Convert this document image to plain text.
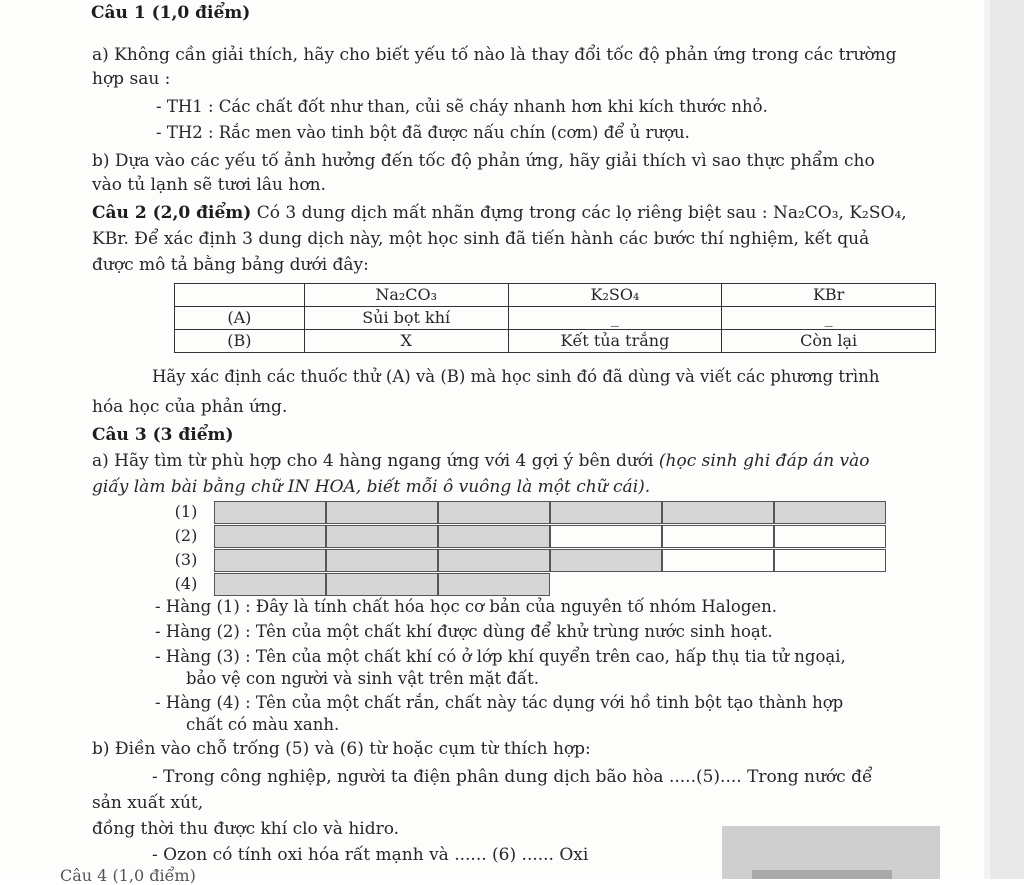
Câu 1 (1,0 điểm)
a) Không cần giải thích, hãy cho biết yếu tố nào là thay đổi tốc độ phản ứng trong các trường
hợp sau :
- TH1 : Các chất đốt như than, củi sẽ cháy nhanh hơn khi kích thước nhỏ.
- TH2 : Rắc men vào tinh bột đã được nấu chín (cơm) để ủ rượu.
b) Dựa vào các yếu tố ảnh hưởng đến tốc độ phản ứng, hãy giải thích vì sao thực phẩm cho
vào tủ lạnh sẽ tươi lâu hơn.
Câu 2 (2,0 điểm) Có 3 dung dịch mất nhãn đựng trong các lọ riêng biệt sau : Na₂CO₃, K₂SO₄,
KBr. Để xác định 3 dung dịch này, một học sinh đã tiến hành các bước thí nghiệm, kết quả
được mô tả bằng bảng dưới đây:
	Na₂CO₃	K₂SO₄	KBr
(A)	Sủi bọt khí	_	_
(B)	X	Kết tủa trắng	Còn lại
Hãy xác định các thuốc thử (A) và (B) mà học sinh đó đã dùng và viết các phương trình
hóa học của phản ứng.
Câu 3 (3 điểm)
a) Hãy tìm từ phù hợp cho 4 hàng ngang ứng với 4 gợi ý bên dưới (học sinh ghi đáp án vào
giấy làm bài bằng chữ IN HOA, biết mỗi ô vuông là một chữ cái).
(1)
(2)
(3)
(4)
- Hàng (1) : Đây là tính chất hóa học cơ bản của nguyên tố nhóm Halogen.
- Hàng (2) : Tên của một chất khí được dùng để khử trùng nước sinh hoạt.
- Hàng (3) : Tên của một chất khí có ở lớp khí quyển trên cao, hấp thụ tia tử ngoại,
bảo vệ con người và sinh vật trên mặt đất.
- Hàng (4) : Tên của một chất rắn, chất này tác dụng với hồ tinh bột tạo thành hợp
chất có màu xanh.
b) Điền vào chỗ trống (5) và (6) từ hoặc cụm từ thích hợp:
- Trong công nghiệp, người ta điện phân dung dịch bão hòa .....(5).... Trong nước để
sản xuất xút,
đồng thời thu được khí clo và hidro.
- Ozon có tính oxi hóa rất mạnh và ...... (6) ...... Oxi
Câu 4 (1,0 điểm)
